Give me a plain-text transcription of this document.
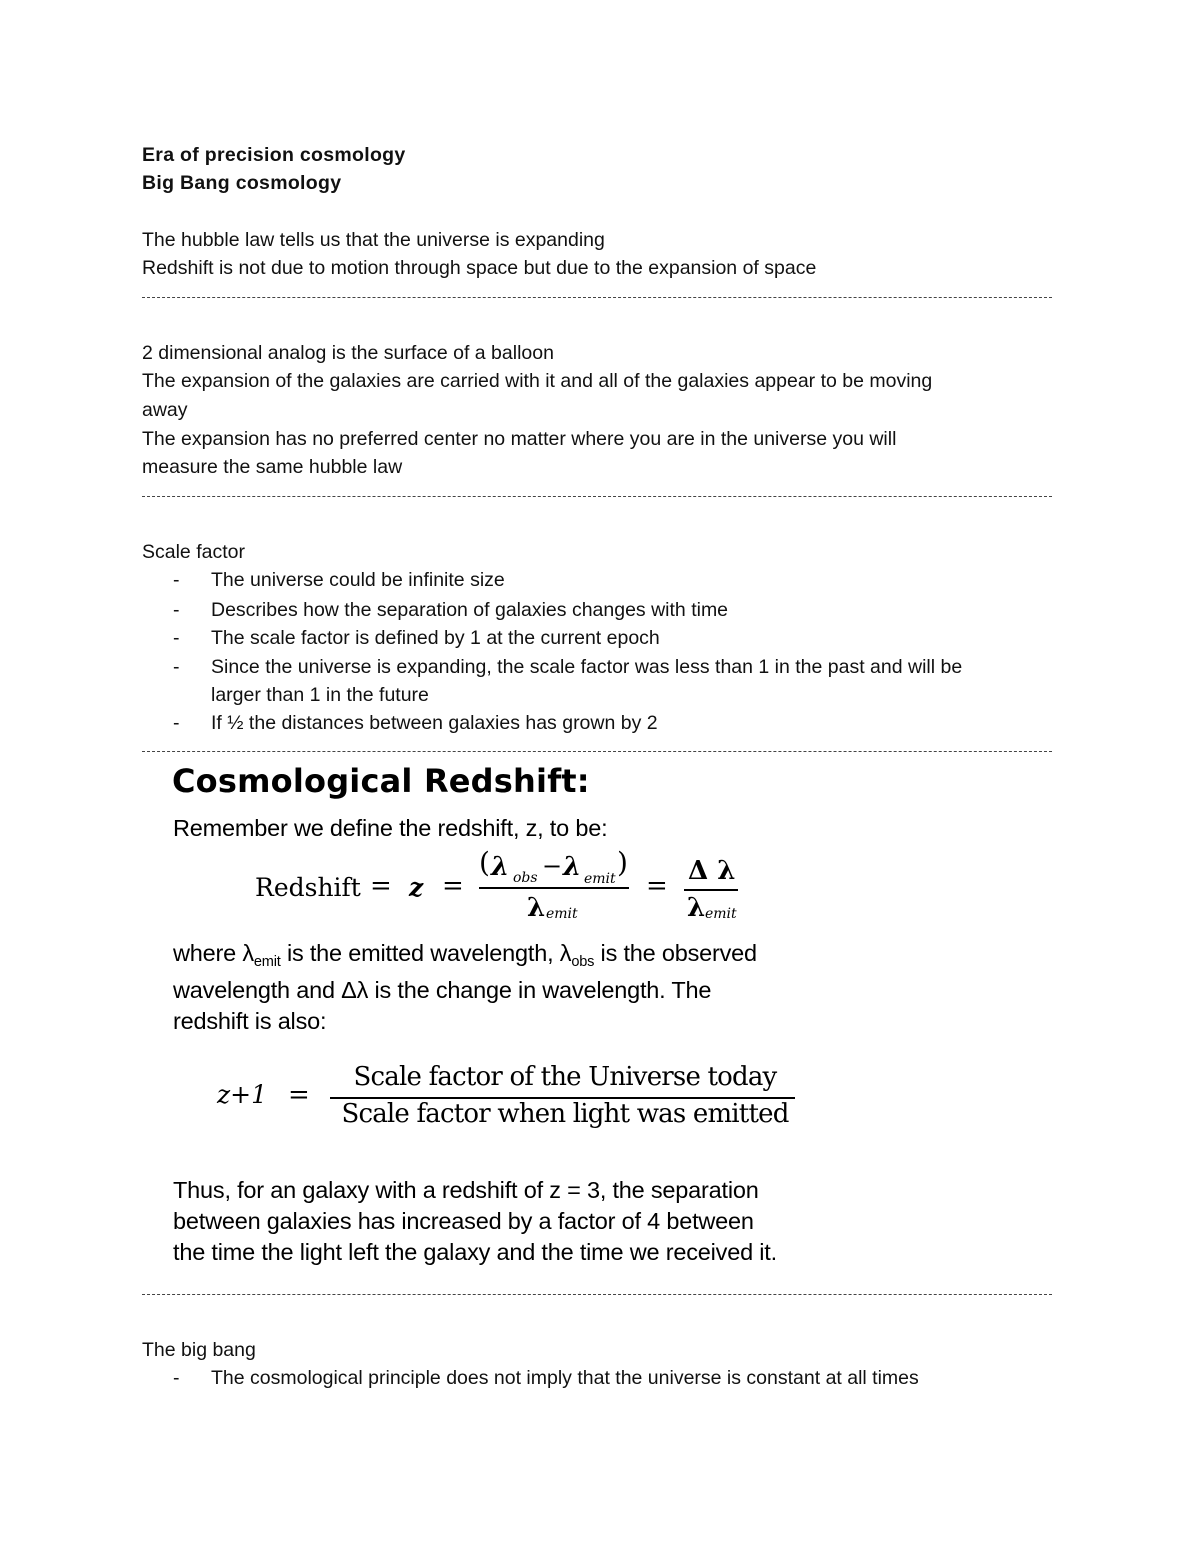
Era of precision cosmology
Big Bang cosmology
The hubble law tells us that the universe is expanding
Redshift is not due to motion through space but due to the expansion of space
2 dimensional analog is the surface of a balloon
The expansion of the galaxies are carried with it and all of the galaxies appear to be moving
away
The expansion has no preferred center no matter where you are in the universe you will
measure the same hubble law
Scale factor
- The universe could be infinite size
- Describes how the separation of galaxies changes with time
- The scale factor is defined by 1 at the current epoch
- Since the universe is expanding, the scale factor was less than 1 in the past and will be
larger than 1 in the future
- If ½ the distances between galaxies has grown by 2
Cosmological Redshift:
Remember we define the redshift, z, to be:
Redshift = z =
( λ obs − λ emit )
λ emit
= Δ λ
λ emit
where $\lambda_{emit}$ is the emitted wavelength, $\lambda_{obs}$ is the observed
wavelength and Δλ is the change in wavelength. The
redshift is also:
z+1 =
Scale factor of the Universe today
Scale factor when light was emitted
Thus, for an galaxy with a redshift of z = 3, the separation
between galaxies has increased by a factor of 4 between
the time the light left the galaxy and the time we received it.
The big bang
- The cosmological principle does not imply that the universe is constant at all times
